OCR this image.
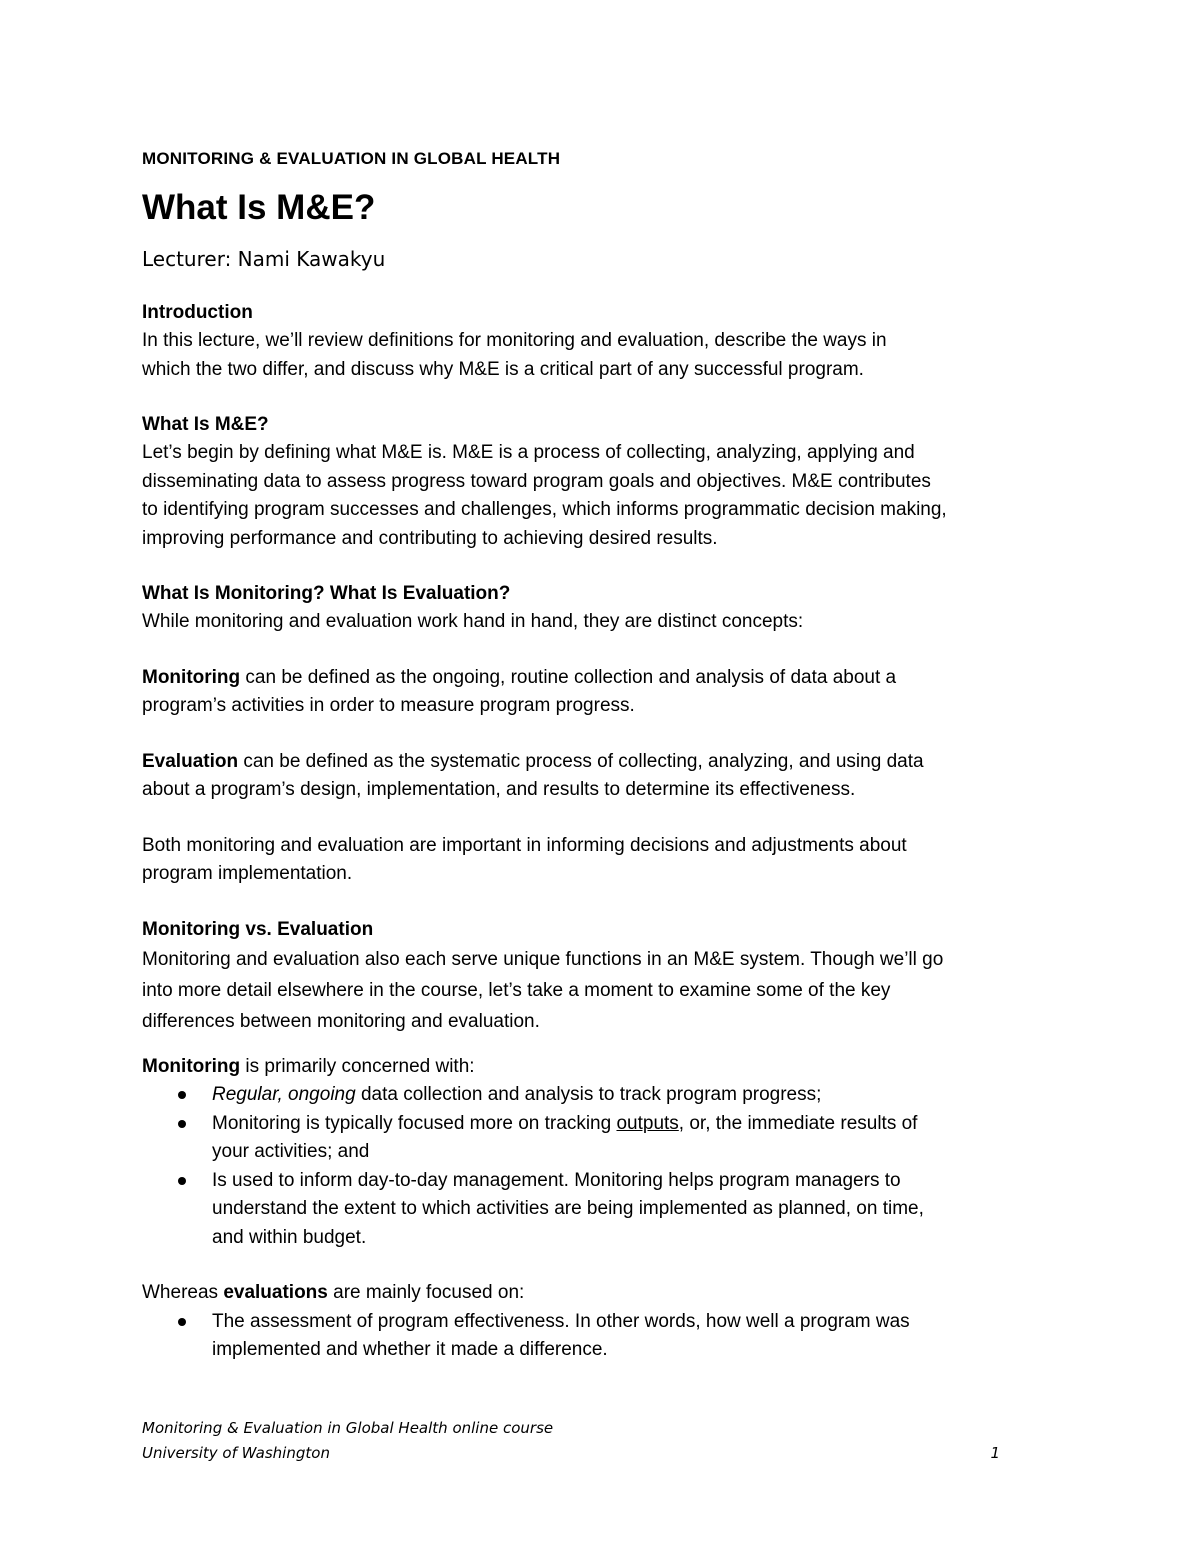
MONITORING & EVALUATION IN GLOBAL HEALTH

What Is M&E?

Lecturer: Nami Kawakyu

Introduction

In this lecture, we’ll review definitions for monitoring and evaluation, describe the ways in

which the two differ, and discuss why M&E is a critical part of any successful program.

What Is M&E?

Let’s begin by defining what M&E is. M&E is a process of collecting, analyzing, applying and

disseminating data to assess progress toward program goals and objectives. M&E contributes

to identifying program successes and challenges, which informs programmatic decision making,

improving performance and contributing to achieving desired results.

What Is Monitoring? What Is Evaluation?

While monitoring and evaluation work hand in hand, they are distinct concepts:

Monitoring can be defined as the ongoing, routine collection and analysis of data about a

program’s activities in order to measure program progress.

Evaluation can be defined as the systematic process of collecting, analyzing, and using data

about a program’s design, implementation, and results to determine its effectiveness.

Both monitoring and evaluation are important in informing decisions and adjustments about

program implementation.

Monitoring vs. Evaluation

Monitoring and evaluation also each serve unique functions in an M&E system. Though we’ll go

into more detail elsewhere in the course, let’s take a moment to examine some of the key

differences between monitoring and evaluation.

Monitoring is primarily concerned with:

Regular, ongoing data collection and analysis to track program progress;
Monitoring is typically focused more on tracking outputs, or, the immediate results of
your activities; and
Is used to inform day-to-day management. Monitoring helps program managers to
understand the extent to which activities are being implemented as planned, on time,
and within budget.

Whereas evaluations are mainly focused on:

The assessment of program effectiveness. In other words, how well a program was
implemented and whether it made a difference.
Monitoring & Evaluation in Global Health online course
University of Washington	1
